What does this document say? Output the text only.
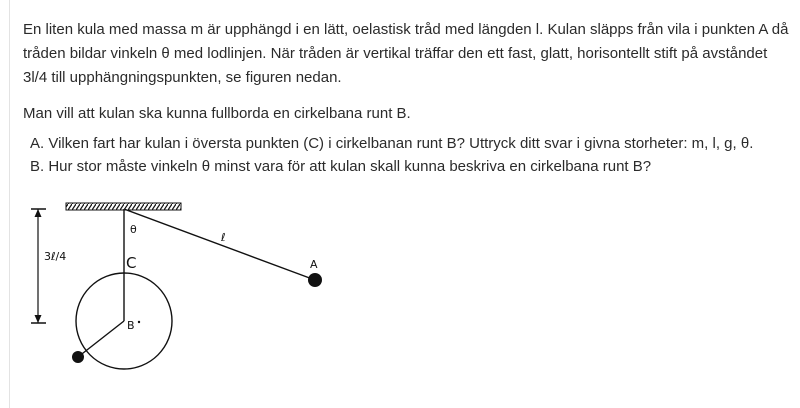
En liten kula med massa m är upphängd i en lätt, oelastisk tråd med längden l. Kulan släpps från vila i punkten A då
tråden bildar vinkeln θ med lodlinjen. När tråden är vertikal träffar den ett fast, glatt, horisontellt stift på avståndet
3l/4 till upphängningspunkten, se figuren nedan.

Man vill att kulan ska kunna fullborda en cirkelbana runt B.

A. Vilken fart har kulan i översta punkten (C) i cirkelbanan runt B? Uttryck ditt svar i givna storheter: m, l, g, θ.
B. Hur stor måste vinkeln θ minst vara för att kulan skall kunna beskriva en cirkelbana runt B?
θ
ℓ
A
C
B
3ℓ/4
